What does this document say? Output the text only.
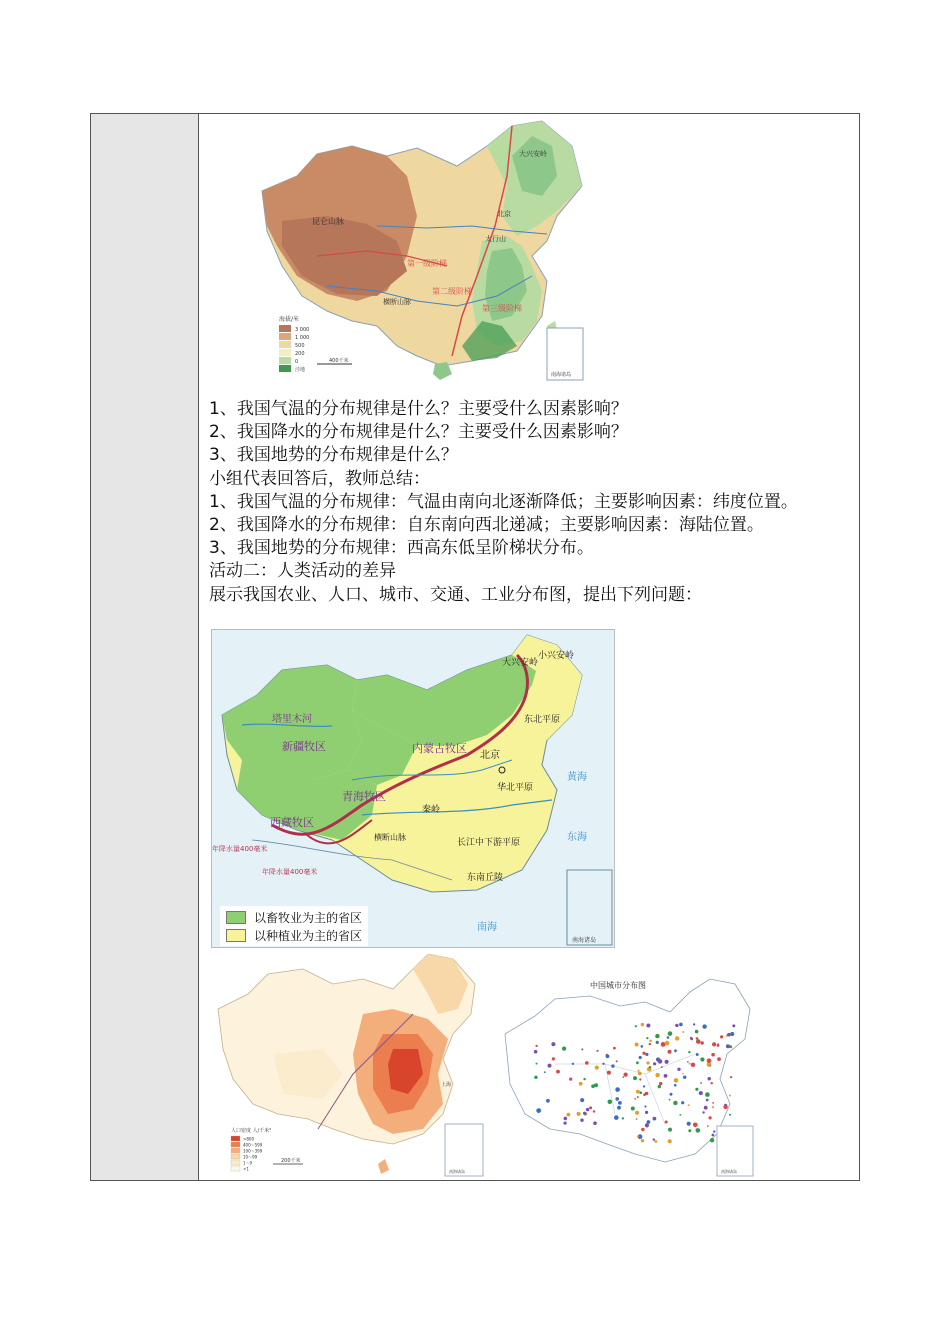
第一级阶梯
第二级阶梯
第三级阶梯
昆仑山脉
北京
大兴安岭
太行山
横断山脉
海拔/米
3 000
1 000
500
200
0
洼地
400千米
南海诸岛

1、我国气温的分布规律是什么？主要受什么因素影响？

2、我国降水的分布规律是什么？主要受什么因素影响？

3、我国地势的分布规律是什么？

小组代表回答后，教师总结：

1、我国气温的分布规律：气温由南向北逐渐降低；主要影响因素：纬度位置。

2、我国降水的分布规律：自东南向西北递减；主要影响因素：海陆位置。

3、我国地势的分布规律：西高东低呈阶梯状分布。

活动二：人类活动的差异

展示我国农业、人口、城市、交通、工业分布图，提出下列问题：

塔里木河
新疆牧区
青海牧区
西藏牧区
内蒙古牧区
北京
华北平原
东北平原
秦岭
长江中下游平原
东南丘陵
横断山脉
大兴安岭
小兴安岭
黄海
东海
南海
年降水量400毫米
年降水量400毫米
南海诸岛
以畜牧业为主的省区
以种植业为主的省区
上海
人口密度 人/千米²
>800
400～599
100～399
10～99
1～9
<1
200千米
南海诸岛
中国城市分布图
南海诸岛
